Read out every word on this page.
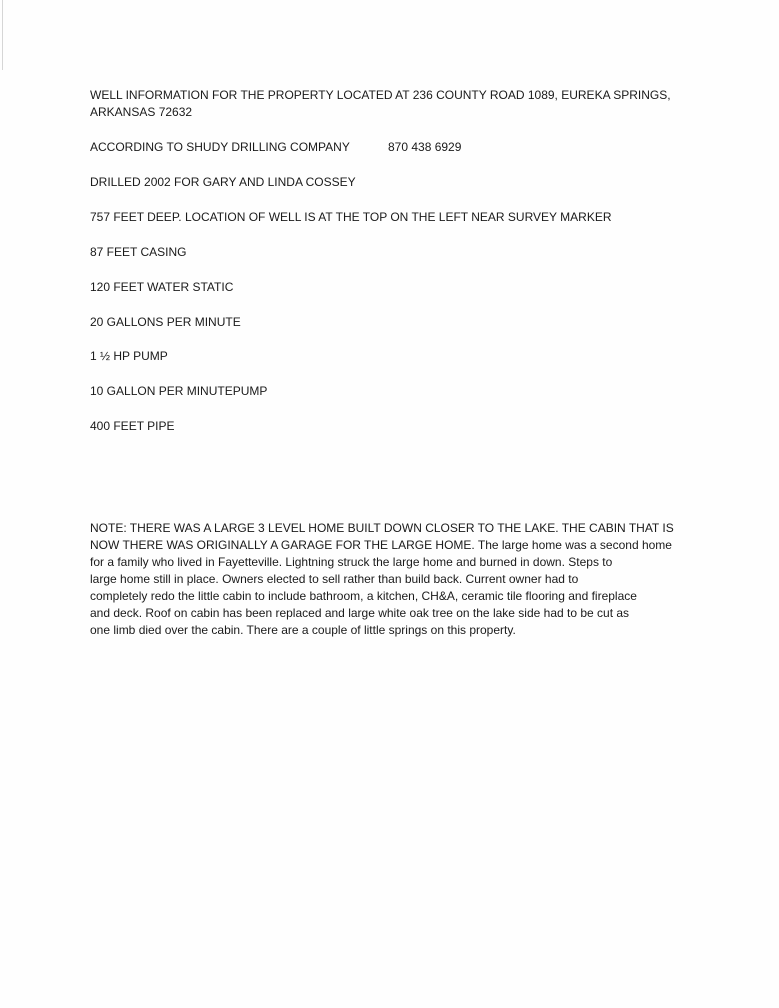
WELL INFORMATION FOR THE PROPERTY LOCATED AT 236 COUNTY ROAD 1089, EUREKA SPRINGS,
ARKANSAS 72632
ACCORDING TO SHUDY DRILLING COMPANY	870 438 6929
DRILLED 2002 FOR GARY AND LINDA COSSEY
757 FEET DEEP. LOCATION OF WELL IS AT THE TOP ON THE LEFT NEAR SURVEY MARKER
87 FEET CASING
120 FEET WATER STATIC
20 GALLONS PER MINUTE
1 ½ HP PUMP
10 GALLON PER MINUTEPUMP
400 FEET PIPE
NOTE: THERE WAS A LARGE 3 LEVEL HOME BUILT DOWN CLOSER TO THE LAKE. THE CABIN THAT IS
NOW THERE WAS ORIGINALLY A GARAGE FOR THE LARGE HOME. The large home was a second home
for a family who lived in Fayetteville. Lightning struck the large home and burned in down. Steps to
large home still in place. Owners elected to sell rather than build back. Current owner had to
completely redo the little cabin to include bathroom, a kitchen, CH&A, ceramic tile flooring and fireplace
and deck. Roof on cabin has been replaced and large white oak tree on the lake side had to be cut as
one limb died over the cabin. There are a couple of little springs on this property.
